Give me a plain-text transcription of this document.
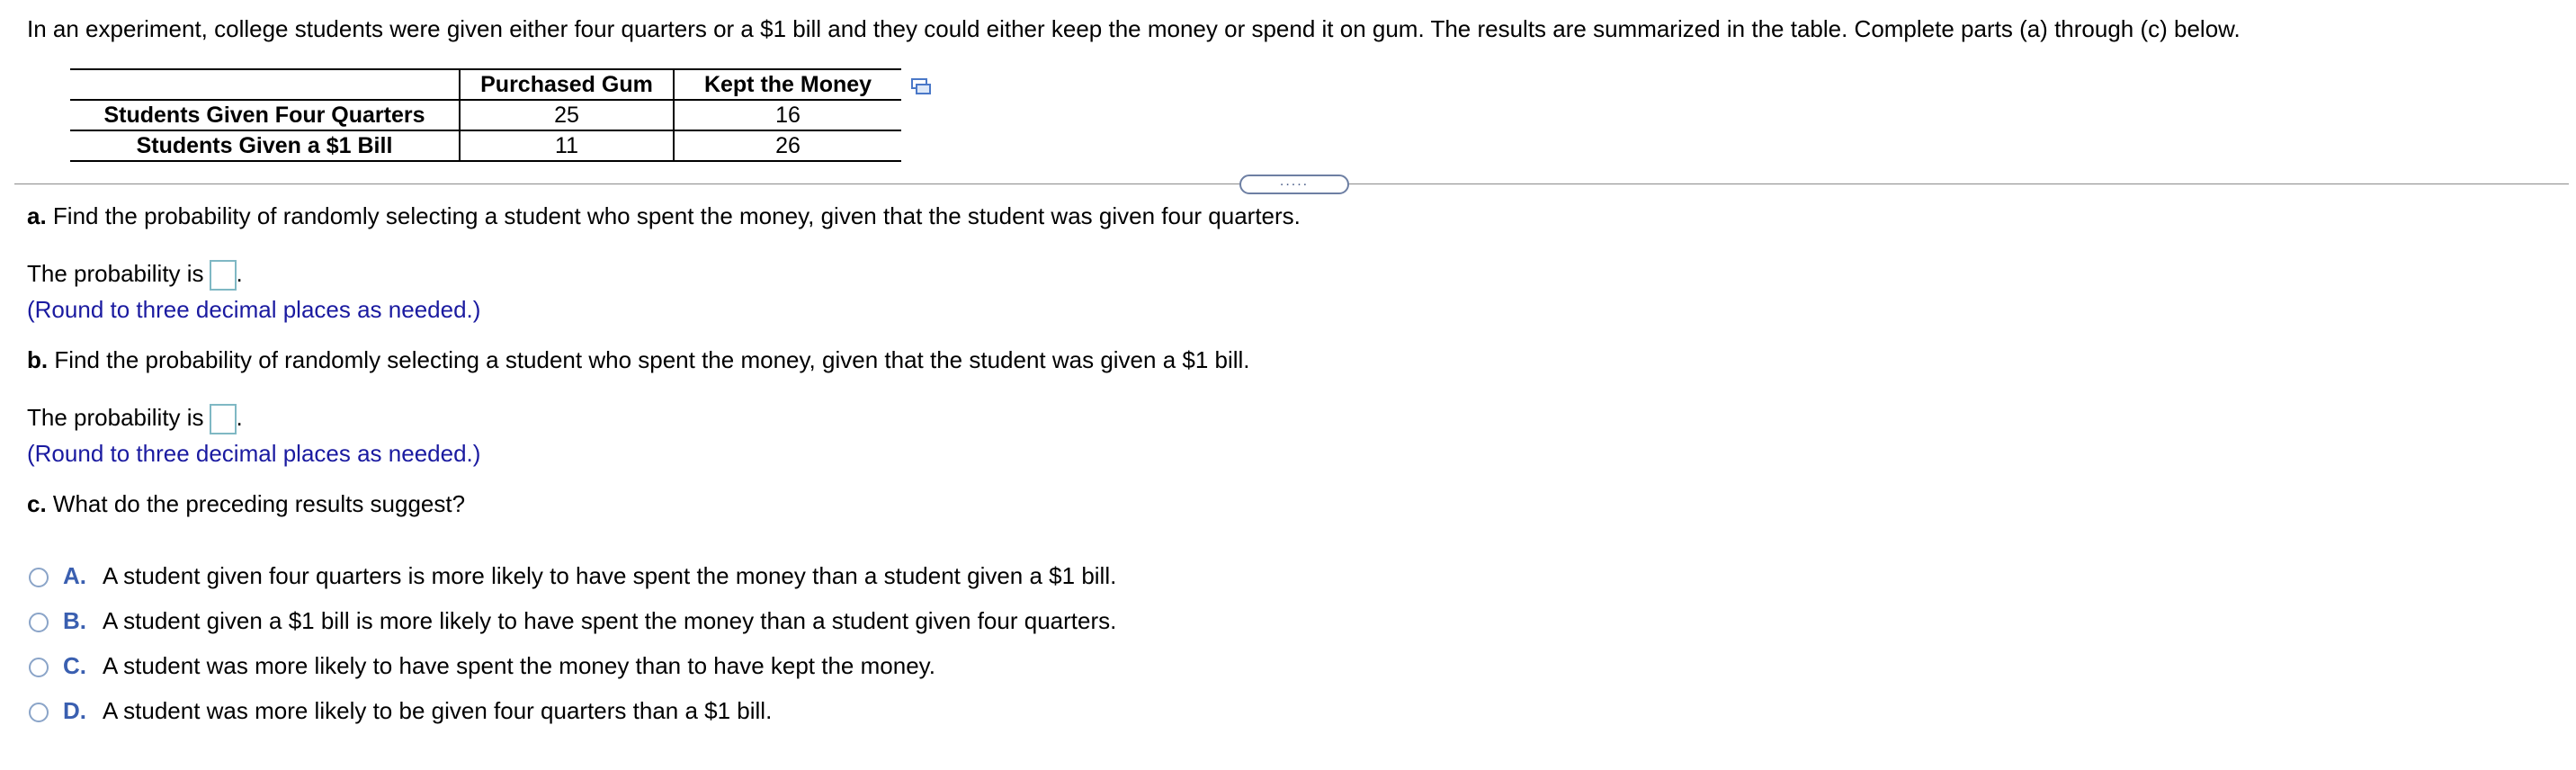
In an experiment, college students were given either four quarters or a $1 bill and they could either keep the money or spend it on gum. The results are summarized in the table. Complete parts (a) through (c) below.
	Purchased Gum	Kept the Money
Students Given Four Quarters	25	16
Students Given a $1 Bill	11	26
.....
a. Find the probability of randomly selecting a student who spent the money, given that the student was given four quarters.
The probability is .
(Round to three decimal places as needed.)
b. Find the probability of randomly selecting a student who spent the money, given that the student was given a $1 bill.
The probability is .
(Round to three decimal places as needed.)
c. What do the preceding results suggest?
A. A student given four quarters is more likely to have spent the money than a student given a $1 bill.
B. A student given a $1 bill is more likely to have spent the money than a student given four quarters.
C. A student was more likely to have spent the money than to have kept the money.
D. A student was more likely to be given four quarters than a $1 bill.
